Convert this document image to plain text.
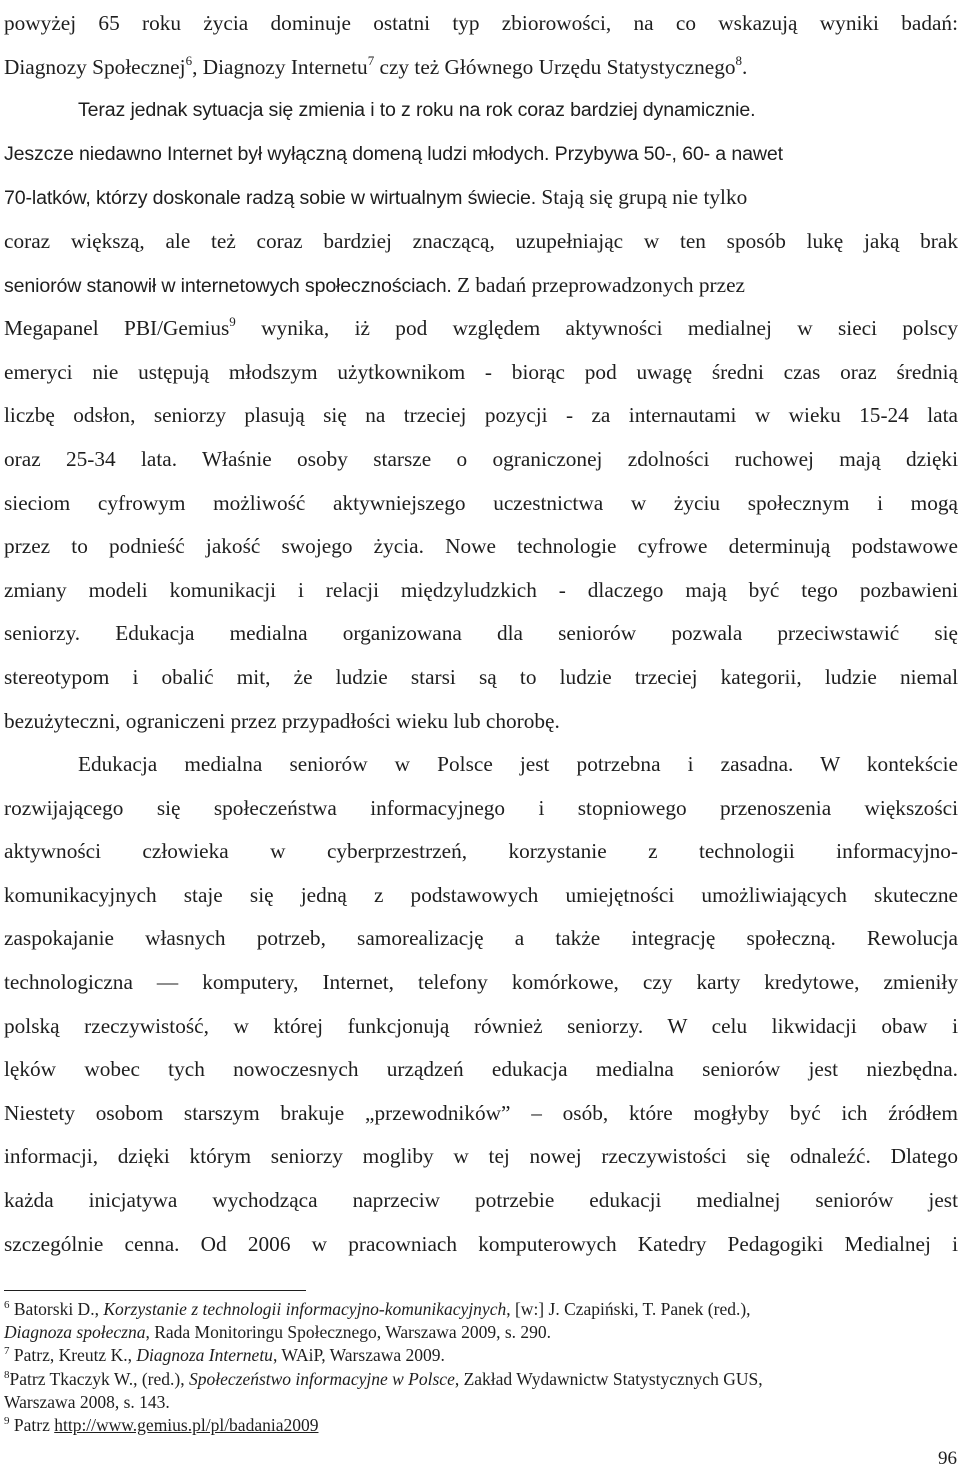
powyżej 65 roku życia dominuje ostatni typ zbiorowości, na co wskazują wyniki badań:
Diagnozy Społecznej$^6$, Diagnozy Internetu$^7$ czy też Głównego Urzędu Statystycznego$^8$.
Teraz jednak sytuacja się zmienia i to z roku na rok coraz bardziej dynamicznie.
Jeszcze niedawno Internet był wyłączną domeną ludzi młodych. Przybywa 50-, 60- a nawet
70-latków, którzy doskonale radzą sobie w wirtualnym świecie. Stają się grupą nie tylko
coraz większą, ale też coraz bardziej znaczącą, uzupełniając w ten sposób lukę jaką brak
seniorów stanowił w internetowych społecznościach. Z badań przeprowadzonych przez
Megapanel PBI/Gemius$^9$ wynika, iż pod względem aktywności medialnej w sieci polscy
emeryci nie ustępują młodszym użytkownikom - biorąc pod uwagę średni czas oraz średnią
liczbę odsłon, seniorzy plasują się na trzeciej pozycji - za internautami w wieku 15-24 lata
oraz 25-34 lata. Właśnie osoby starsze o ograniczonej zdolności ruchowej mają dzięki
sieciom cyfrowym możliwość aktywniejszego uczestnictwa w życiu społecznym i mogą
przez to podnieść jakość swojego życia. Nowe technologie cyfrowe determinują podstawowe
zmiany modeli komunikacji i relacji międzyludzkich - dlaczego mają być tego pozbawieni
seniorzy. Edukacja medialna organizowana dla seniorów pozwala przeciwstawić się
stereotypom i obalić mit, że ludzie starsi są to ludzie trzeciej kategorii, ludzie niemal
bezużyteczni, ograniczeni przez przypadłości wieku lub chorobę.
Edukacja medialna seniorów w Polsce jest potrzebna i zasadna. W kontekście
rozwijającego się społeczeństwa informacyjnego i stopniowego przenoszenia większości
aktywności człowieka w cyberprzestrzeń, korzystanie z technologii informacyjno-
komunikacyjnych staje się jedną z podstawowych umiejętności umożliwiających skuteczne
zaspokajanie własnych potrzeb, samorealizację a także integrację społeczną. Rewolucja
technologiczna — komputery, Internet, telefony komórkowe, czy karty kredytowe, zmieniły
polską rzeczywistość, w której funkcjonują również seniorzy. W celu likwidacji obaw i
lęków wobec tych nowoczesnych urządzeń edukacja medialna seniorów jest niezbędna.
Niestety osobom starszym brakuje „przewodników” – osób, które mogłyby być ich źródłem
informacji, dzięki którym seniorzy mogliby w tej nowej rzeczywistości się odnaleźć. Dlatego
każda inicjatywa wychodząca naprzeciw potrzebie edukacji medialnej seniorów jest
szczególnie cenna. Od 2006 w pracowniach komputerowych Katedry Pedagogiki Medialnej i
$^6$ Batorski D., Korzystanie z technologii informacyjno-komunikacyjnych, [w:] J. Czapiński, T. Panek (red.),
Diagnoza społeczna, Rada Monitoringu Społecznego, Warszawa 2009, s. 290.
$^7$ Patrz, Kreutz K., Diagnoza Internetu, WAiP, Warszawa 2009.
$^8$Patrz Tkaczyk W., (red.), Społeczeństwo informacyjne w Polsce, Zakład Wydawnictw Statystycznych GUS,
Warszawa 2008, s. 143.
$^9$ Patrz http://www.gemius.pl/pl/badania2009
96
